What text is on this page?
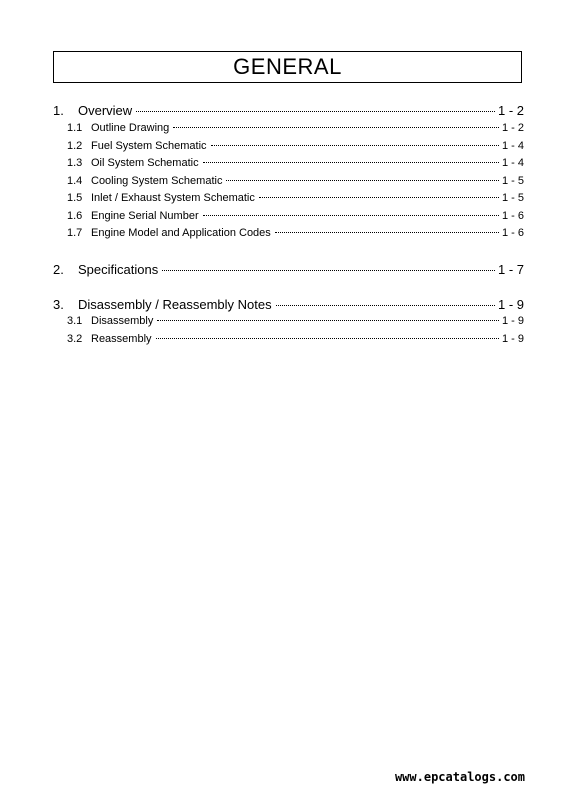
GENERAL
1.	Overview	1 - 2
1.1 Outline Drawing	1 - 2
1.2 Fuel System Schematic	1 - 4
1.3 Oil System Schematic	1 - 4
1.4 Cooling System Schematic	1 - 5
1.5 Inlet / Exhaust System Schematic	1 - 5
1.6 Engine Serial Number	1 - 6
1.7 Engine Model and Application Codes	1 - 6
2.	Specifications	1 - 7
3.	Disassembly / Reassembly Notes	1 - 9
3.1 Disassembly	1 - 9
3.2 Reassembly	1 - 9
www.epcatalogs.com
